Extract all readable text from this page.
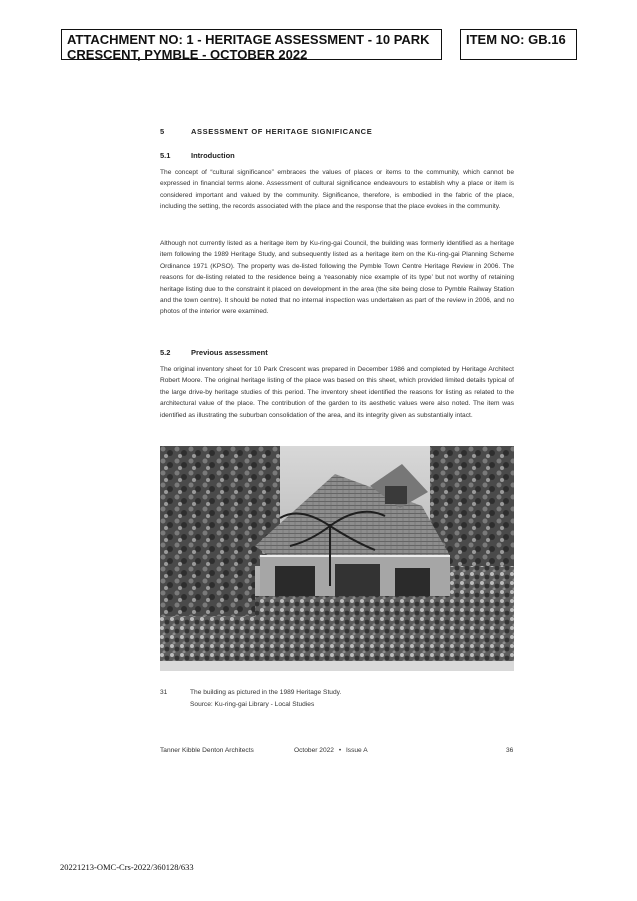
ATTACHMENT NO: 1 - HERITAGE ASSESSMENT - 10 PARK CRESCENT, PYMBLE - OCTOBER 2022
ITEM NO: GB.16
5	ASSESSMENT OF HERITAGE SIGNIFICANCE
5.1	Introduction

The concept of “cultural significance” embraces the values of places or items to the community, which cannot be expressed in financial terms alone. Assessment of cultural significance endeavours to establish why a place or item is considered important and valued by the community. Significance, therefore, is embodied in the fabric of the place, including the setting, the records associated with the place and the response that the place evokes in the community.

Although not currently listed as a heritage item by Ku-ring-gai Council, the building was formerly identified as a heritage item following the 1989 Heritage Study, and subsequently listed as a heritage item on the Ku-ring-gai Planning Scheme Ordinance 1971 (KPSO). The property was de-listed following the Pymble Town Centre Heritage Review in 2006. The reasons for de-listing related to the residence being a ‘reasonably nice example of its type’ but not worthy of retaining heritage listing due to the constraint it placed on development in the area (the site being close to Pymble Railway Station and the town centre). It should be noted that no internal inspection was undertaken as part of the review in 2006, and no photos of the interior were examined.

5.2	Previous assessment

The original inventory sheet for 10 Park Crescent was prepared in December 1986 and completed by Heritage Architect Robert Moore. The original heritage listing of the place was based on this sheet, which provided limited details typical of the large drive-by heritage studies of this period. The inventory sheet identified the reasons for listing as related to the architectural value of the place. The contribution of the garden to its aesthetic values were also noted. The item was identified as illustrating the suburban consolidation of the area, and its integrity given as substantially intact.

31	The building as pictured in the 1989 Heritage Study.
Source: Ku-ring-gai Library - Local Studies
Tanner Kibble Denton Architects	October 2022 • Issue A	36
20221213-OMC-Crs-2022/360128/633
